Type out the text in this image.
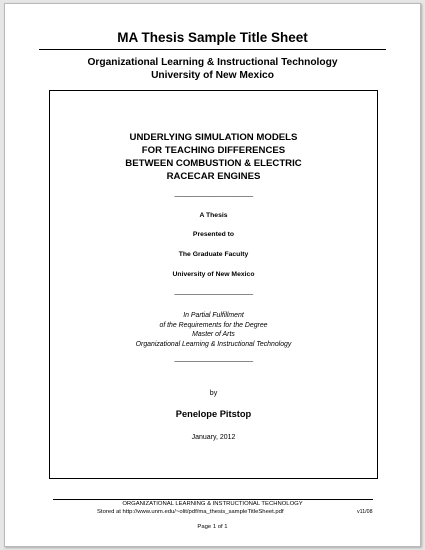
MA Thesis Sample Title Sheet
Organizational Learning & Instructional Technology
University of New Mexico
UNDERLYING SIMULATION MODELS
FOR TEACHING DIFFERENCES
BETWEEN COMBUSTION & ELECTRIC
RACECAR ENGINES
_______________________
A Thesis
Presented to
The Graduate Faculty
University of New Mexico
_______________________
In Partial Fulfillment
of the Requirements for the Degree
Master of Arts
Organizational Learning & Instructional Technology
_______________________
by
Penelope Pitstop
January, 2012
ORGANIZATIONAL LEARNING & INSTRUCTIONAL TECHNOLOGY
Stored at http://www.unm.edu/~olit/pdf/ma_thesis_sampleTitleSheet.pdf	v11/08
Page 1 of 1
